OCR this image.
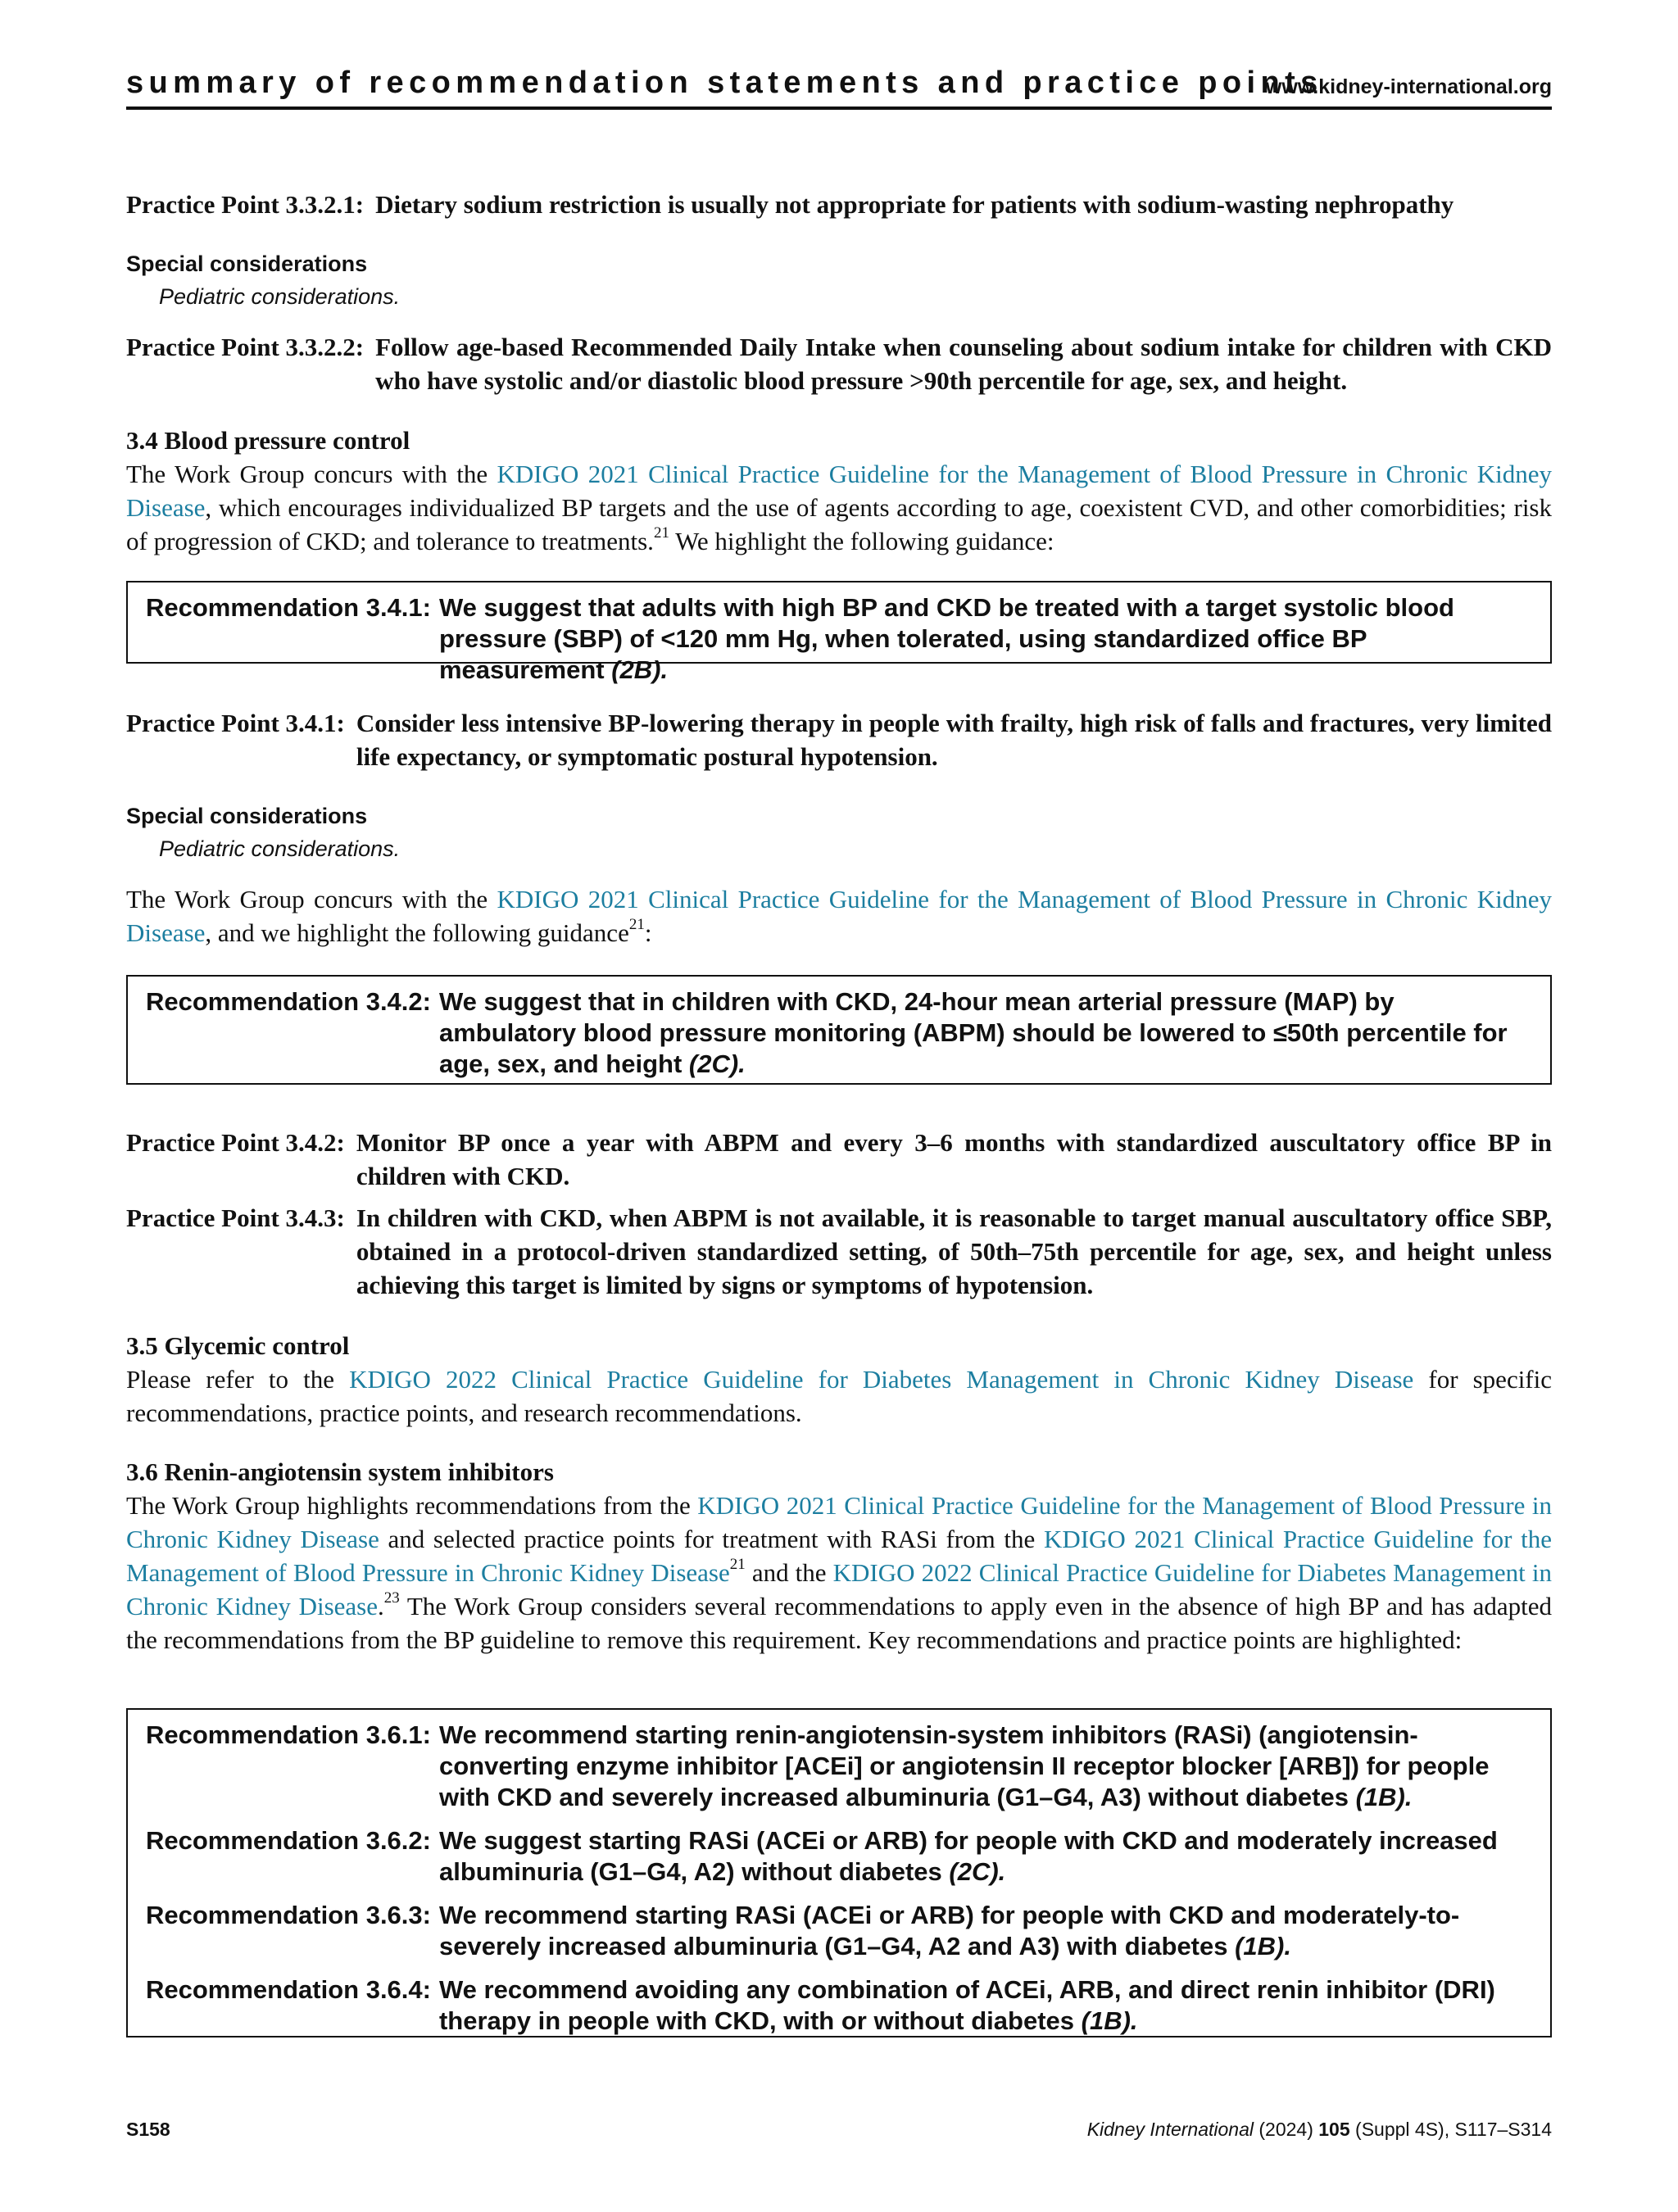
summary of recommendation statements and practice points
www.kidney-international.org
Practice Point 3.3.2.1: Dietary sodium restriction is usually not appropriate for patients with sodium-wasting nephropathy
Special considerations
Pediatric considerations.
Practice Point 3.3.2.2: Follow age-based Recommended Daily Intake when counseling about sodium intake for children with CKD who have systolic and/or diastolic blood pressure >90th percentile for age, sex, and height.
3.4 Blood pressure control
The Work Group concurs with the KDIGO 2021 Clinical Practice Guideline for the Management of Blood Pressure in Chronic Kidney Disease, which encourages individualized BP targets and the use of agents according to age, coexistent CVD, and other comorbidities; risk of progression of CKD; and tolerance to treatments.$^{21}$ We highlight the following guidance:
Recommendation 3.4.1: We suggest that adults with high BP and CKD be treated with a target systolic blood pressure (SBP) of <120 mm Hg, when tolerated, using standardized office BP measurement (2B).
Practice Point 3.4.1: Consider less intensive BP-lowering therapy in people with frailty, high risk of falls and fractures, very limited life expectancy, or symptomatic postural hypotension.
Special considerations
Pediatric considerations.
The Work Group concurs with the KDIGO 2021 Clinical Practice Guideline for the Management of Blood Pressure in Chronic Kidney Disease, and we highlight the following guidance$^{21}$:
Recommendation 3.4.2: We suggest that in children with CKD, 24-hour mean arterial pressure (MAP) by ambulatory blood pressure monitoring (ABPM) should be lowered to ≤50th percentile for age, sex, and height (2C).
Practice Point 3.4.2: Monitor BP once a year with ABPM and every 3–6 months with standardized auscultatory office BP in children with CKD.
Practice Point 3.4.3: In children with CKD, when ABPM is not available, it is reasonable to target manual auscultatory office SBP, obtained in a protocol-driven standardized setting, of 50th–75th percentile for age, sex, and height unless achieving this target is limited by signs or symptoms of hypotension.
3.5 Glycemic control
Please refer to the KDIGO 2022 Clinical Practice Guideline for Diabetes Management in Chronic Kidney Disease for specific recommendations, practice points, and research recommendations.
3.6 Renin-angiotensin system inhibitors
The Work Group highlights recommendations from the KDIGO 2021 Clinical Practice Guideline for the Management of Blood Pressure in Chronic Kidney Disease and selected practice points for treatment with RASi from the KDIGO 2021 Clinical Practice Guideline for the Management of Blood Pressure in Chronic Kidney Disease$^{21}$ and the KDIGO 2022 Clinical Practice Guideline for Diabetes Management in Chronic Kidney Disease.$^{23}$ The Work Group considers several recommendations to apply even in the absence of high BP and has adapted the recommendations from the BP guideline to remove this requirement. Key recommendations and practice points are highlighted:
Recommendation 3.6.1: We recommend starting renin-angiotensin-system inhibitors (RASi) (angiotensin-converting enzyme inhibitor [ACEi] or angiotensin II receptor blocker [ARB]) for people with CKD and severely increased albuminuria (G1–G4, A3) without diabetes (1B).
Recommendation 3.6.2: We suggest starting RASi (ACEi or ARB) for people with CKD and moderately increased albuminuria (G1–G4, A2) without diabetes (2C).
Recommendation 3.6.3: We recommend starting RASi (ACEi or ARB) for people with CKD and moderately-to-severely increased albuminuria (G1–G4, A2 and A3) with diabetes (1B).
Recommendation 3.6.4: We recommend avoiding any combination of ACEi, ARB, and direct renin inhibitor (DRI) therapy in people with CKD, with or without diabetes (1B).
S158	Kidney International (2024) 105 (Suppl 4S), S117–S314
